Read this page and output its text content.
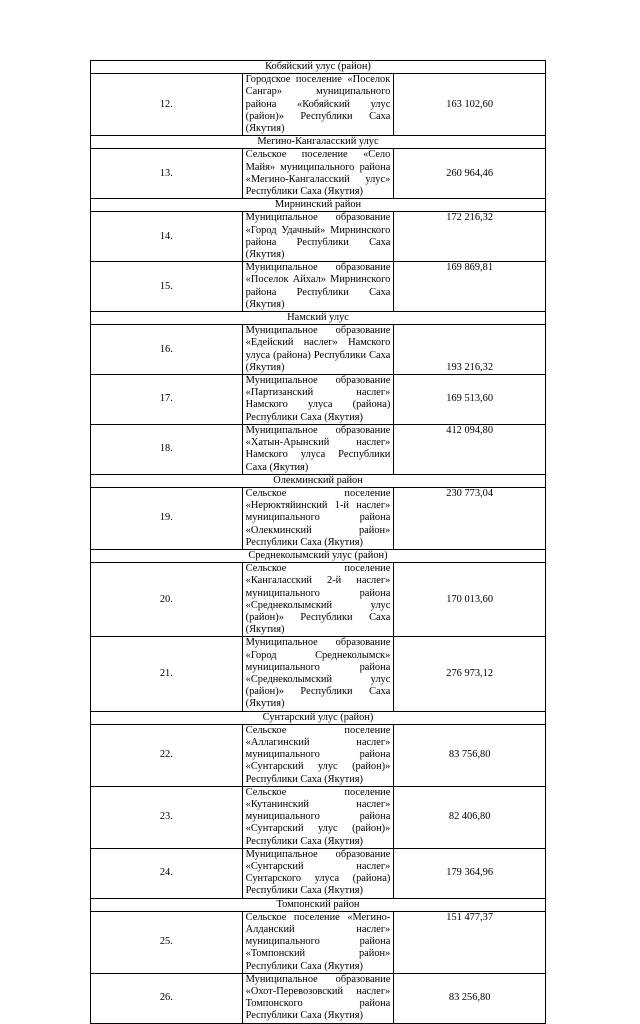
Кобяйский улус (район)		
12.	Городское поселение «Поселок Сангар» муниципального района «Кобяйский улус (район)» Республики Саха (Якутия)	163 102,60
Мегино-Кангаласский улус		
13.	Сельское поселение «Село Майя» муниципального района «Мегино-Кангаласский улус» Республики Саха (Якутия)	260 964,46
Мирнинский район		
14.	Муниципальное образование «Город Удачный» Мирнинского района Республики Саха (Якутия)	172 216,32
15.	Муниципальное образование «Поселок Айхал» Мирнинского района Республики Саха (Якутия)	169 869,81
Намский улус		
16.	Муниципальное образование «Едейский наслег» Намского улуса (района) Республики Саха (Якутия)	193 216,32
17.	Муниципальное образование «Партизанский наслег» Намского улуса (района) Республики Саха (Якутия)	169 513,60
18.	Муниципальное образование «Хатын-Арынский наслег» Намского улуса Республики Саха (Якутия)	412 094,80
Олекминский район		
19.	Сельское поселение «Нерюктяйинский 1-й наслег» муниципального района «Олекминский район» Республики Саха (Якутия)	230 773,04
Среднеколымский улус (район)		
20.	Сельское поселение «Кангаласский 2-й наслег» муниципального района «Среднеколымский улус (район)» Республики Саха (Якутия)	170 013,60
21.	Муниципальное образование «Город Среднеколымск» муниципального района «Среднеколымский улус (район)» Республики Саха (Якутия)	276 973,12
Сунтарский улус (район)		
22.	Сельское поселение «Аллагинский наслег» муниципального района «Сунтарский улус (район)» Республики Саха (Якутия)	83 756,80
23.	Сельское поселение «Кутанинский наслег» муниципального района «Сунтарский улус (район)» Республики Саха (Якутия)	82 406,80
24.	Муниципальное образование «Сунтарский наслег» Сунтарского улуса (района) Республики Саха (Якутия)	179 364,96
Томпонский район		
25.	Сельское поселение «Мегино-Алданский наслег» муниципального района «Томпонский район» Республики Саха (Якутия)	151 477,37
26.	Муниципальное образование «Охот-Перевозовский наслег» Томпонского района Республики Саха (Якутия)	83 256,80
